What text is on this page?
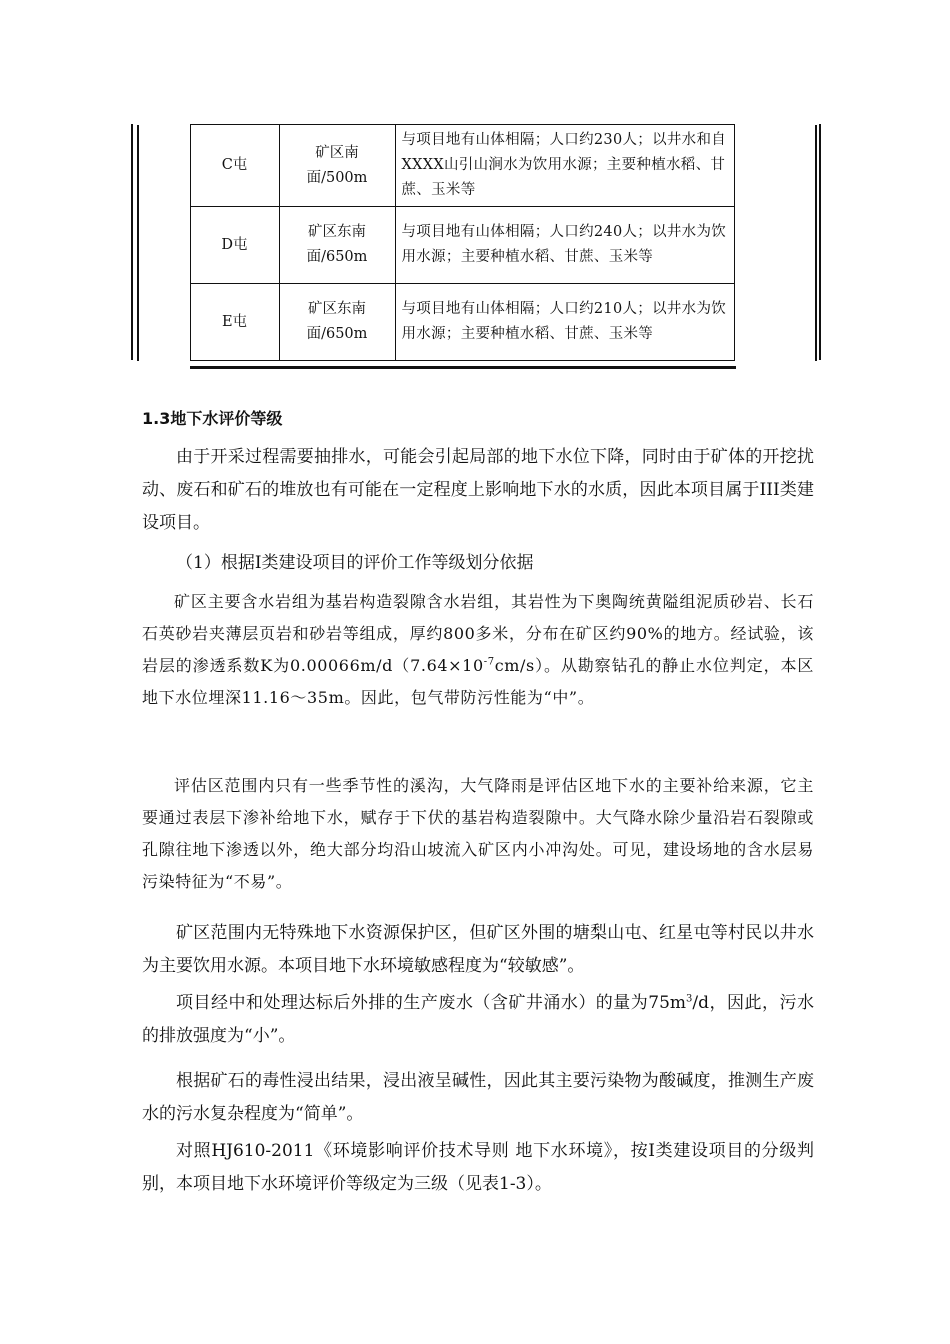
	C屯	矿区南面/500m	与项目地有山体相隔；人口约230人；以井水和自XXXX山引山涧水为饮用水源；主要种植水稻、甘蔗、玉米等	
	D屯	矿区东南面/650m	与项目地有山体相隔；人口约240人；以井水为饮用水源；主要种植水稻、甘蔗、玉米等	
	E屯	矿区东南面/650m	与项目地有山体相隔；人口约210人；以井水为饮用水源；主要种植水稻、甘蔗、玉米等	
1.3地下水评价等级

由于开采过程需要抽排水，可能会引起局部的地下水位下降，同时由于矿体的开挖扰动、废石和矿石的堆放也有可能在一定程度上影响地下水的水质，因此本项目属于III类建设项目。

（1）根据Ⅰ类建设项目的评价工作等级划分依据

矿区主要含水岩组为基岩构造裂隙含水岩组，其岩性为下奥陶统黄隘组泥质砂岩、长石石英砂岩夹薄层页岩和砂岩等组成，厚约800多米，分布在矿区约90%的地方。经试验，该岩层的渗透系数K为$0.00066m/d(7.64\times 10^{-7}cm/s)$。从勘察钻孔的静止水位判定，本区地下水位埋深11.16～35m。因此，包气带防污性能为“中”。

评估区范围内只有一些季节性的溪沟，大气降雨是评估区地下水的主要补给来源，它主要通过表层下渗补给地下水，赋存于下伏的基岩构造裂隙中。大气降水除少量沿岩石裂隙或孔隙往地下渗透以外，绝大部分均沿山坡流入矿区内小冲沟处。可见，建设场地的含水层易污染特征为“不易”。

矿区范围内无特殊地下水资源保护区，但矿区外围的塘梨山屯、红星屯等村民以井水为主要饮用水源。本项目地下水环境敏感程度为“较敏感”。

项目经中和处理达标后外排的生产废水（含矿井涌水）的量为$75m^3/d$，因此，污水的排放强度为“小”。

根据矿石的毒性浸出结果，浸出液呈碱性，因此其主要污染物为酸碱度，推测生产废水的污水复杂程度为“简单”。

对照HJ610-2011《环境影响评价技术导则 地下水环境》，按Ⅰ类建设项目的分级判别，本项目地下水环境评价等级定为三级（见表1-3）。
